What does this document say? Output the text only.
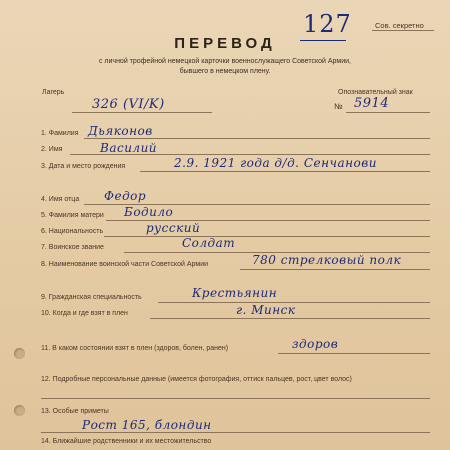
127	Сов. секретно
ПЕРЕВОД
с личной трофейной немецкой карточки военнослужащего Советской Армии,
бывшего в немецком плену.
Лагерь
326 (VI/K)
Опознавательный знак
№ 5914
1. Фамилия Дьяконов
2. Имя	Василий
3. Дата и место рождения	2.9. 1921 года д/д. Сенчанови
4. Имя отца Федор
5. Фамилия матери Бодило
6. Национальность	русский
7. Воинское звание	Солдат
8. Наименование воинской части Советской Армии	780 стрелковый полк
9. Гражданская специальность	Крестьянин
10. Когда и где взят в плен	г. Минск
11. В каком состоянии взят в плен (здоров, болен, ранен)	здоров
12. Подробные персональные данные (имеется фотография, оттиск пальцев, рост, цвет волос)
13. Особые приметы
Рост 165, блондин
14. Ближайшие родственники и их местожительство
